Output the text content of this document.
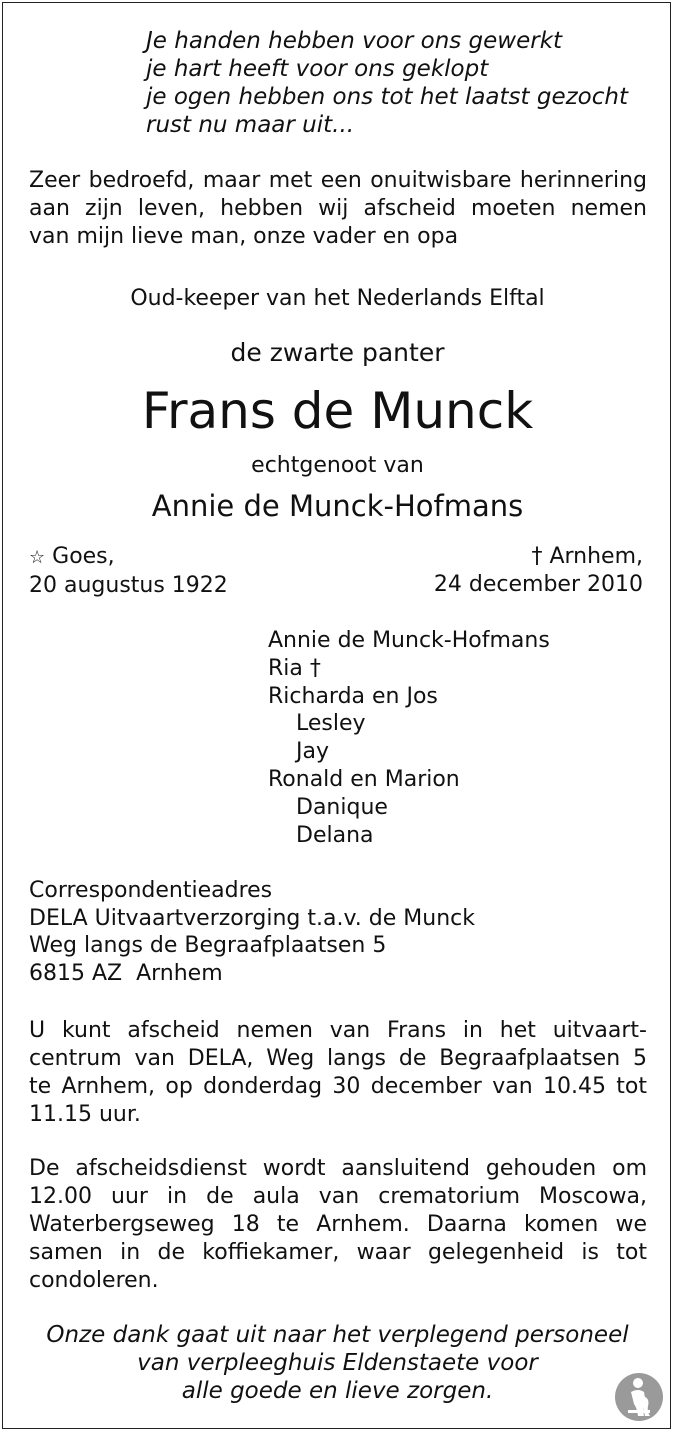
Je handen hebben voor ons gewerkt
je hart heeft voor ons geklopt
je ogen hebben ons tot het laatst gezocht
rust nu maar uit...
Zeer bedroefd, maar met een onuitwisbare herinnering
aan zijn leven, hebben wij afscheid moeten nemen
van mijn lieve man, onze vader en opa
Oud-keeper van het Nederlands Elftal
de zwarte panter
Frans de Munck
echtgenoot van
Annie de Munck-Hofmans
☆ Goes,
20 augustus 1922
† Arnhem,
24 december 2010
Annie de Munck-Hofmans
Ria †
Richarda en Jos
Lesley
Jay
Ronald en Marion
Danique
Delana
Correspondentieadres
DELA Uitvaartverzorging t.a.v. de Munck
Weg langs de Begraafplaatsen 5
6815 AZ  Arnhem
U kunt afscheid nemen van Frans in het uitvaart-
centrum van DELA, Weg langs de Begraafplaatsen 5
te Arnhem, op donderdag 30 december van 10.45 tot
11.15 uur.
De afscheidsdienst wordt aansluitend gehouden om
12.00 uur in de aula van crematorium Moscowa,
Waterbergseweg 18 te Arnhem. Daarna komen we
samen in de koffiekamer, waar gelegenheid is tot
condoleren.
Onze dank gaat uit naar het verplegend personeel
van verpleeghuis Eldenstaete voor
alle goede en lieve zorgen.
